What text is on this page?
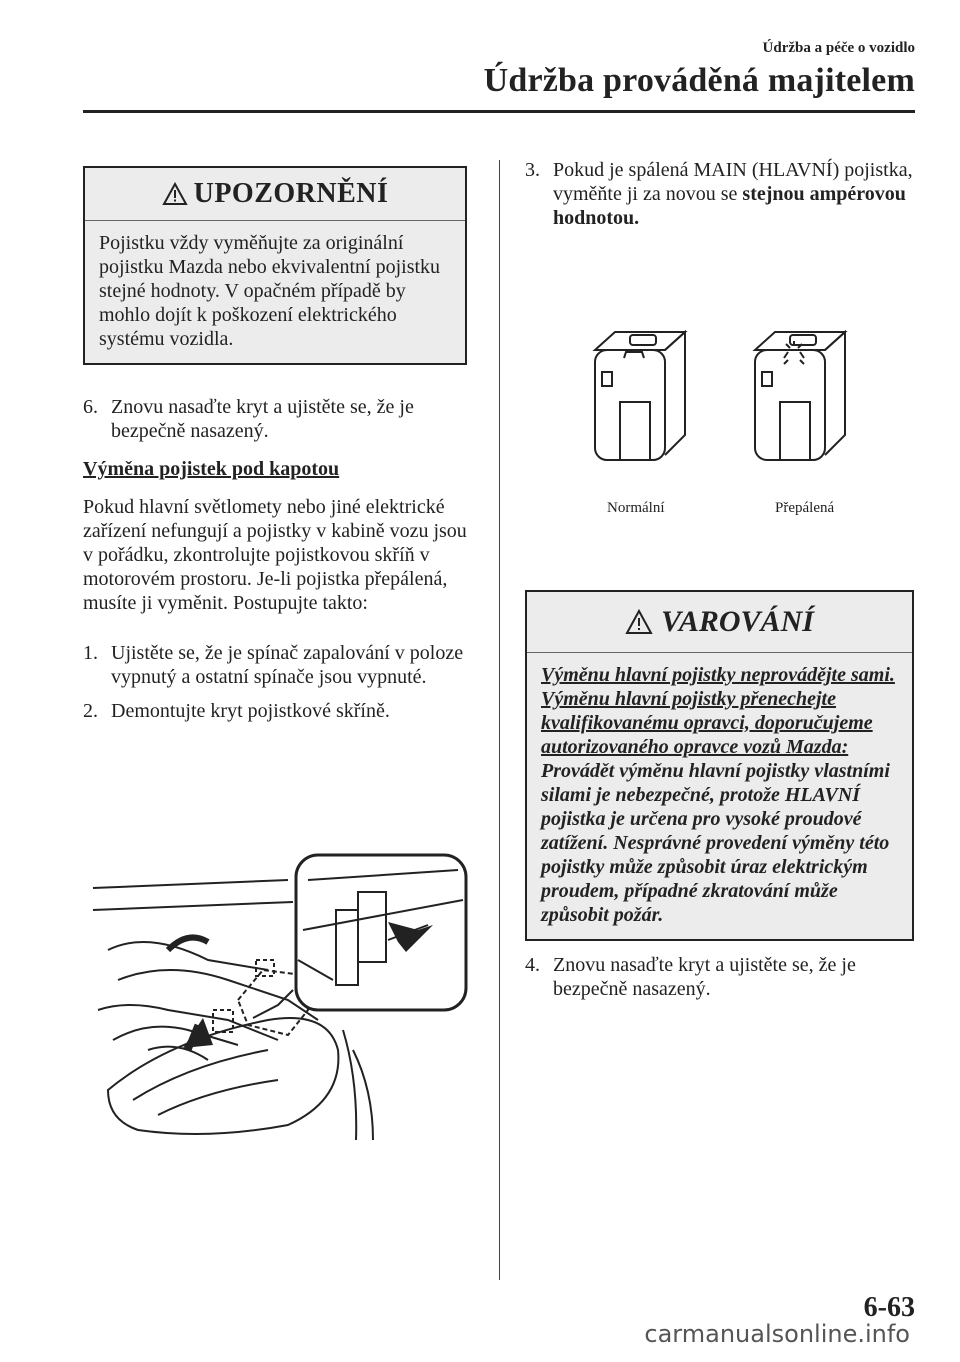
Údržba a péče o vozidlo
Údržba prováděná majitelem
UPOZORNĚNÍ
Pojistku vždy vyměňujte za originální pojistku Mazda nebo ekvivalentní pojistku stejné hodnoty. V opačném případě by mohlo dojít k poškození elektrického systému vozidla.
6. Znovu nasaďte kryt a ujistěte se, že je bezpečně nasazený.

Výměna pojistek pod kapotou

Pokud hlavní světlomety nebo jiné elektrické zařízení nefungují a pojistky v kabině vozu jsou v pořádku, zkontrolujte pojistkovou skříň v motorovém prostoru. Je-li pojistka přepálená, musíte ji vyměnit. Postupujte takto:

1. Ujistěte se, že je spínač zapalování v poloze vypnutý a ostatní spínače jsou vypnuté.
2. Demontujte kryt pojistkové skříně.
3. Pokud je spálená MAIN (HLAVNÍ) pojistka, vyměňte ji za novou se stejnou ampérovou hodnotou.
Normální	Přepálená
VAROVÁNÍ
Výměnu hlavní pojistky neprovádějte sami. Výměnu hlavní pojistky přenechejte kvalifikovanému opravci, doporučujeme autorizovaného opravce vozů Mazda: Provádět výměnu hlavní pojistky vlastními silami je nebezpečné, protože HLAVNÍ pojistka je určena pro vysoké proudové zatížení. Nesprávné provedení výměny této pojistky může způsobit úraz elektrickým proudem, případné zkratování může způsobit požár.
4. Znovu nasaďte kryt a ujistěte se, že je bezpečně nasazený.
6-63
carmanualsonline.info
